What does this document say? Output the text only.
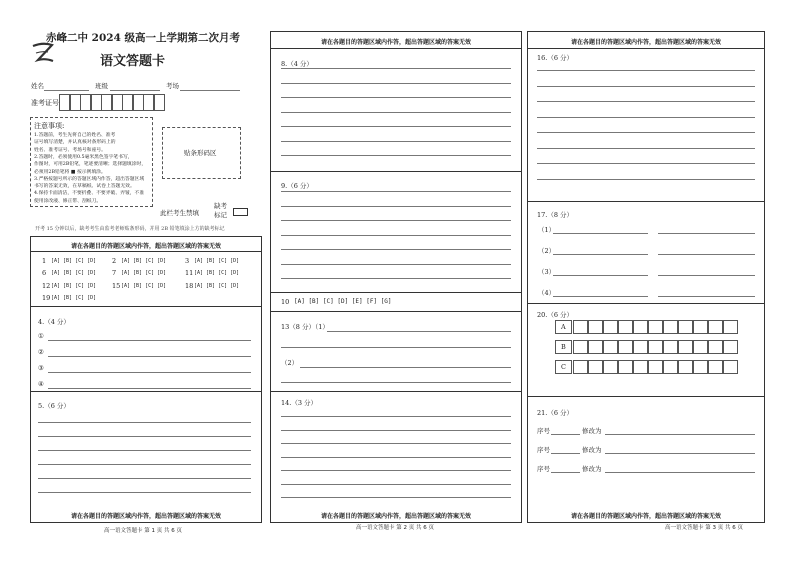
赤峰二中 2024 级高一上学期第二次月考
语文答题卡
姓名	班级	考场
准考证号
注意事项:
贴条形码区
此栏考生禁填
缺考标记
开考 15 分钟以后，缺考考生由监考老师贴条形码，并用 2B 铅笔填涂上方的缺考标记
请在各题目的答题区域内作答，超出答题区域的答案无效
4.（4 分）
5.（6 分）
请在各题目的答题区域内作答，超出答题区域的答案无效
高一语文答题卡 第 1 页 共 6 页
请在各题目的答题区域内作答，超出答题区域的答案无效
8.（4 分）
9.（6 分）
10 [A] [B] [C] [D] [E] [F] [G]
13（8 分）（1）
（2）
14.（3 分）
请在各题目的答题区域内作答，超出答题区域的答案无效
高一语文答题卡 第 2 页 共 6 页
请在各题目的答题区域内作答，超出答题区域的答案无效
16.（6 分）
17.（8 分）
20.（6 分）
21.（6 分）
请在各题目的答题区域内作答，超出答题区域的答案无效
高一语文答题卡 第 3 页 共 6 页
1.答题前，考生先将自己的姓名、准考
证号填写清楚，并认真核对条形码上的
姓名、准考证号、考场号和座号。
2.答题时，必须使用0.5毫米黑色签字笔书写，
作图时，可用2B铅笔，笔迹要清晰；选择题填涂时，
必须用2B铅笔将 ■ 按示例填涂。
3.严格按题号所示的答题区域内作答，超出答题区域
书写的答案无效，在草稿纸、试卷上答题无效。
4.保持卡面清洁，不要折叠、不要弄破、弄皱，不准
使用涂改液、修正带、刮纸刀。
1 [A] [B] [C] [D] 2 [A] [B] [C] [D]	3 [A] [B] [C] [D]
6 [A] [B] [C] [D] 7 [A] [B] [C] [D]	11 [A] [B] [C] [D]
12 [A] [B] [C] [D] 15 [A] [B] [C] [D]	18 [A] [B] [C] [D]
19 [A] [B] [C] [D]
①
②
③
④
（1）
（2）
（3）
（4）
A
B
C
序号	修改为
序号	修改为
序号	修改为
